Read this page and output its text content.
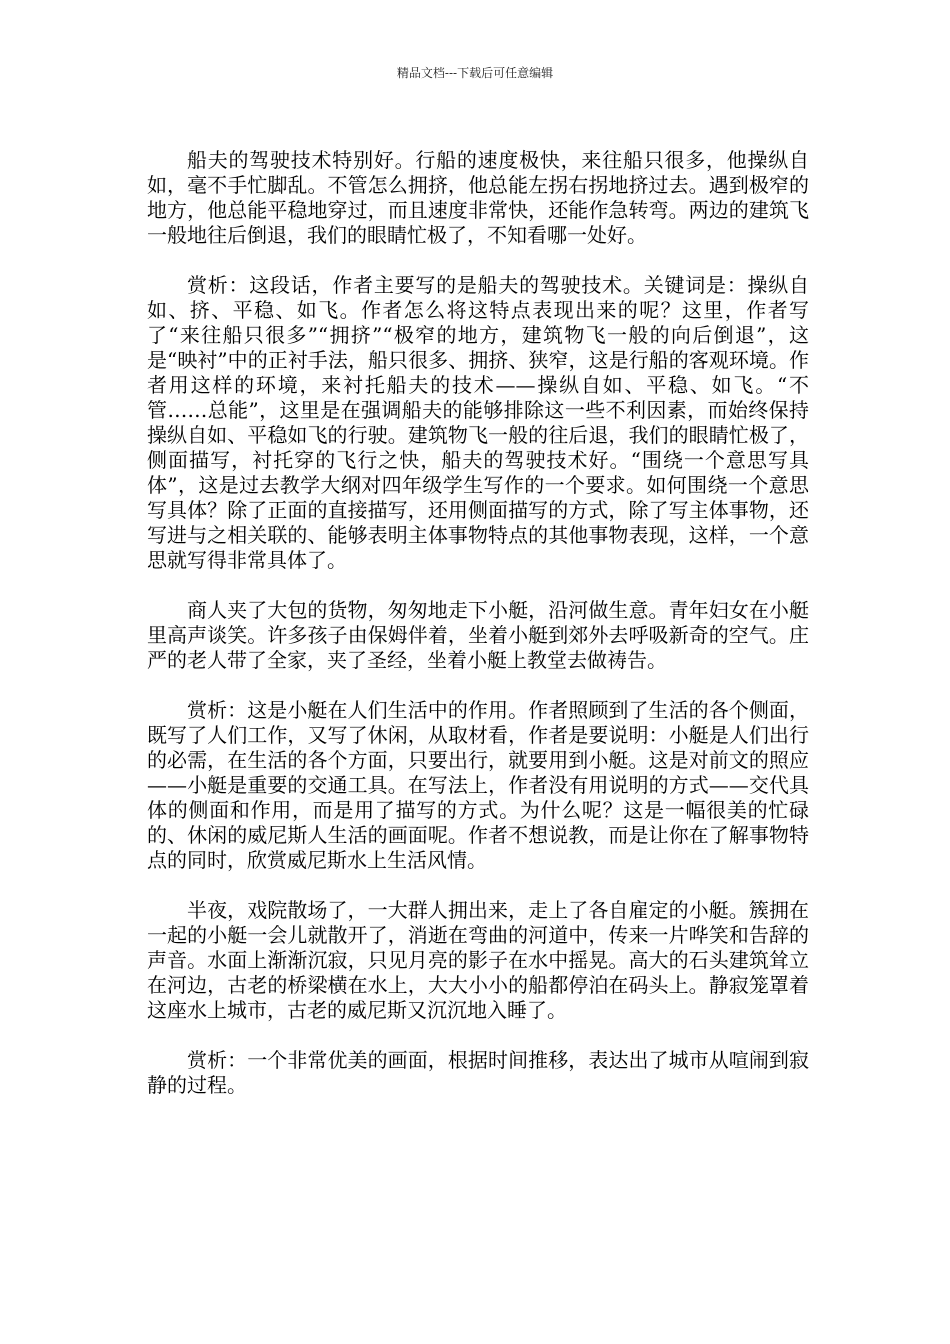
精品文档---下载后可任意编辑

船夫的驾驶技术特别好。行船的速度极快，来往船只很多，他操纵自如，毫不手忙脚乱。不管怎么拥挤，他总能左拐右拐地挤过去。遇到极窄的地方，他总能平稳地穿过，而且速度非常快，还能作急转弯。两边的建筑飞一般地往后倒退，我们的眼睛忙极了，不知看哪一处好。

赏析：这段话，作者主要写的是船夫的驾驶技术。关键词是：操纵自如、挤、平稳、如飞。作者怎么将这特点表现出来的呢？这里，作者写了“来往船只很多”“拥挤”“极窄的地方，建筑物飞一般的向后倒退”，这是“映衬”中的正衬手法，船只很多、拥挤、狭窄，这是行船的客观环境。作者用这样的环境，来衬托船夫的技术——操纵自如、平稳、如飞。“不管……总能”，这里是在强调船夫的能够排除这一些不利因素，而始终保持操纵自如、平稳如飞的行驶。建筑物飞一般的往后退，我们的眼睛忙极了，侧面描写，衬托穿的飞行之快，船夫的驾驶技术好。“围绕一个意思写具体”，这是过去教学大纲对四年级学生写作的一个要求。如何围绕一个意思写具体？除了正面的直接描写，还用侧面描写的方式，除了写主体事物，还写进与之相关联的、能够表明主体事物特点的其他事物表现，这样，一个意思就写得非常具体了。

商人夹了大包的货物，匆匆地走下小艇，沿河做生意。青年妇女在小艇里高声谈笑。许多孩子由保姆伴着，坐着小艇到郊外去呼吸新奇的空气。庄严的老人带了全家，夹了圣经，坐着小艇上教堂去做祷告。

赏析：这是小艇在人们生活中的作用。作者照顾到了生活的各个侧面，既写了人们工作，又写了休闲，从取材看，作者是要说明：小艇是人们出行的必需，在生活的各个方面，只要出行，就要用到小艇。这是对前文的照应——小艇是重要的交通工具。在写法上，作者没有用说明的方式——交代具体的侧面和作用，而是用了描写的方式。为什么呢？这是一幅很美的忙碌的、休闲的威尼斯人生活的画面呢。作者不想说教，而是让你在了解事物特点的同时，欣赏威尼斯水上生活风情。

半夜，戏院散场了，一大群人拥出来，走上了各自雇定的小艇。簇拥在一起的小艇一会儿就散开了，消逝在弯曲的河道中，传来一片哗笑和告辞的声音。水面上渐渐沉寂，只见月亮的影子在水中摇晃。高大的石头建筑耸立在河边，古老的桥梁横在水上，大大小小的船都停泊在码头上。静寂笼罩着这座水上城市，古老的威尼斯又沉沉地入睡了。

赏析：一个非常优美的画面，根据时间推移，表达出了城市从喧闹到寂静的过程。
